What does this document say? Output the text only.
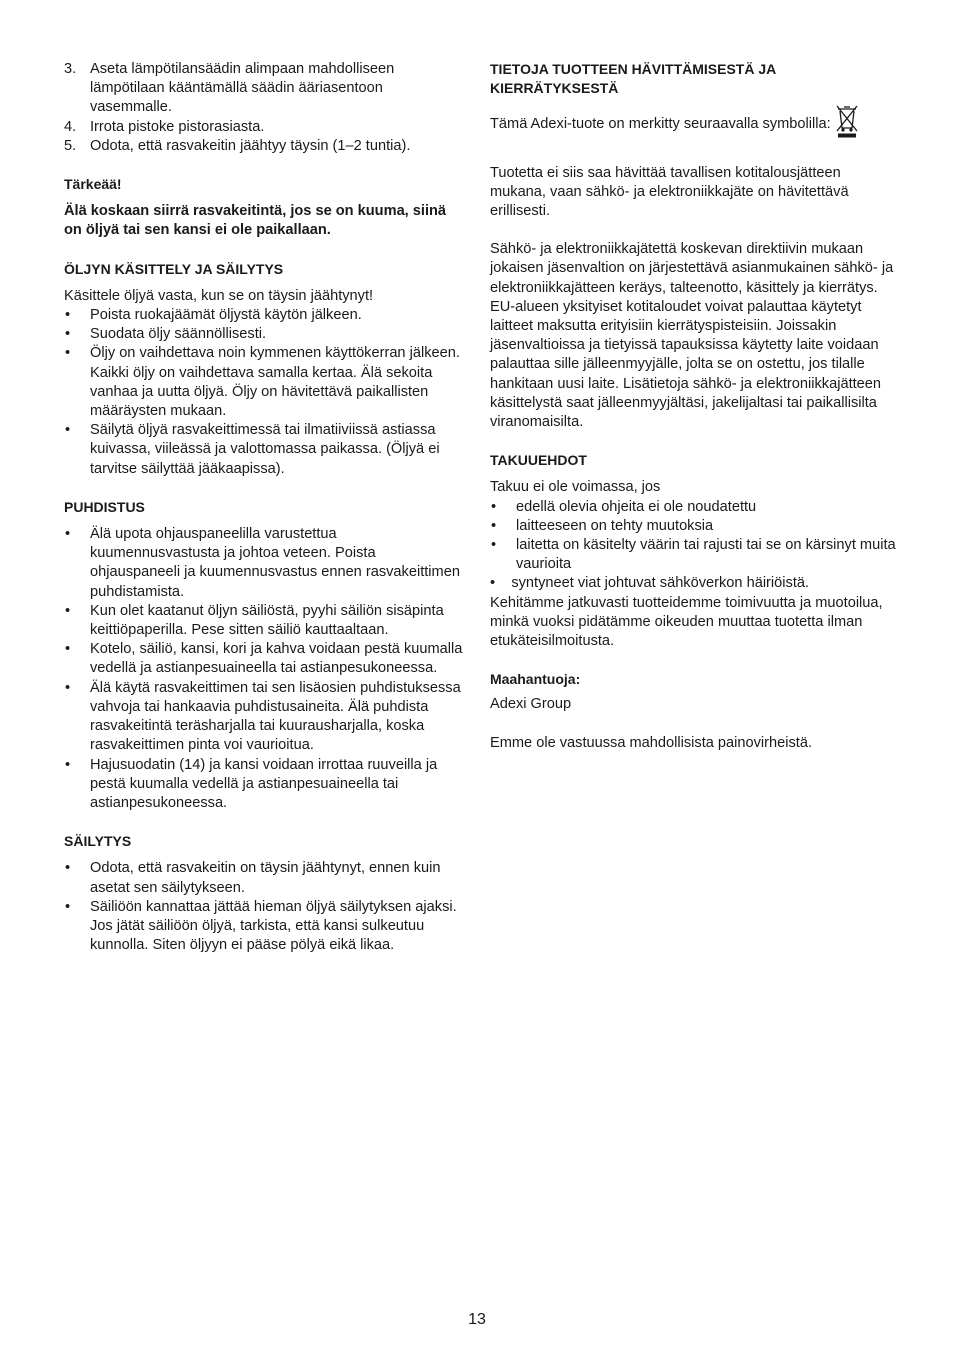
3. Aseta lämpötilansäädin alimpaan mahdolliseen lämpötilaan kääntämällä säädin ääriasentoon vasemmalle.
4. Irrota pistoke pistorasiasta.
5. Odota, että rasvakeitin jäähtyy täysin (1–2 tuntia).

Tärkeää!

Älä koskaan siirrä rasvakeitintä, jos se on kuuma, siinä on öljyä tai sen kansi ei ole paikallaan.

ÖLJYN KÄSITTELY JA SÄILYTYS

Käsittele öljyä vasta, kun se on täysin jäähtynyt!

• Poista ruokajäämät öljystä käytön jälkeen.
• Suodata öljy säännöllisesti.
• Öljy on vaihdettava noin kymmenen käyttökerran jälkeen. Kaikki öljy on vaihdettava samalla kertaa. Älä sekoita vanhaa ja uutta öljyä. Öljy on hävitettävä paikallisten määräysten mukaan.
• Säilytä öljyä rasvakeittimessä tai ilmatiiviissä astiassa kuivassa, viileässä ja valottomassa paikassa. (Öljyä ei tarvitse säilyttää jääkaapissa).

PUHDISTUS

• Älä upota ohjauspaneelilla varustettua kuumennusvastusta ja johtoa veteen. Poista ohjauspaneeli ja kuumennusvastus ennen rasvakeittimen puhdistamista.
• Kun olet kaatanut öljyn säiliöstä, pyyhi säiliön sisäpinta keittiöpaperilla. Pese sitten säiliö kauttaaltaan.
• Kotelo, säiliö, kansi, kori ja kahva voidaan pestä kuumalla vedellä ja astianpesuaineella tai astianpesukoneessa.
• Älä käytä rasvakeittimen tai sen lisäosien puhdistuksessa vahvoja tai hankaavia puhdistusaineita. Älä puhdista rasvakeitintä teräsharjalla tai kuurausharjalla, koska rasvakeittimen pinta voi vaurioitua.
• Hajusuodatin (14) ja kansi voidaan irrottaa ruuveilla ja pestä kuumalla vedellä ja astianpesuaineella tai astianpesukoneessa.

SÄILYTYS

• Odota, että rasvakeitin on täysin jäähtynyt, ennen kuin asetat sen säilytykseen.
• Säiliöön kannattaa jättää hieman öljyä säilytyksen ajaksi. Jos jätät säiliöön öljyä, tarkista, että kansi sulkeutuu kunnolla. Siten öljyyn ei pääse pölyä eikä likaa.

TIETOJA TUOTTEEN HÄVITTÄMISESTÄ JA KIERRÄTYKSESTÄ

Tämä Adexi-tuote on merkitty seuraavalla symbolilla:

Tuotetta ei siis saa hävittää tavallisen kotitalousjätteen mukana, vaan sähkö- ja elektroniikkajäte on hävitettävä erillisesti.

Sähkö- ja elektroniikkajätettä koskevan direktiivin mukaan jokaisen jäsenvaltion on järjestettävä asianmukainen sähkö- ja elektroniikkajätteen keräys, talteenotto, käsittely ja kierrätys. EU-alueen yksityiset kotitaloudet voivat palauttaa käytetyt laitteet maksutta erityisiin kierrätyspisteisiin. Joissakin jäsenvaltioissa ja tietyissä tapauksissa käytetty laite voidaan palauttaa sille jälleenmyyjälle, jolta se on ostettu, jos tilalle hankitaan uusi laite. Lisätietoja sähkö- ja elektroniikkajätteen käsittelystä saat jälleenmyyjältäsi, jakelijaltasi tai paikallisilta viranomaisilta.

TAKUUEHDOT

Takuu ei ole voimassa, jos

• edellä olevia ohjeita ei ole noudatettu
• laitteeseen on tehty muutoksia
• laitetta on käsitelty väärin tai rajusti tai se on kärsinyt muita vaurioita

• syntyneet viat johtuvat sähköverkon häiriöistä.

Kehitämme jatkuvasti tuotteidemme toimivuutta ja muotoilua, minkä vuoksi pidätämme oikeuden muuttaa tuotetta ilman etukäteisilmoitusta.

Maahantuoja:

Adexi Group

Emme ole vastuussa mahdollisista painovirheistä.

13
